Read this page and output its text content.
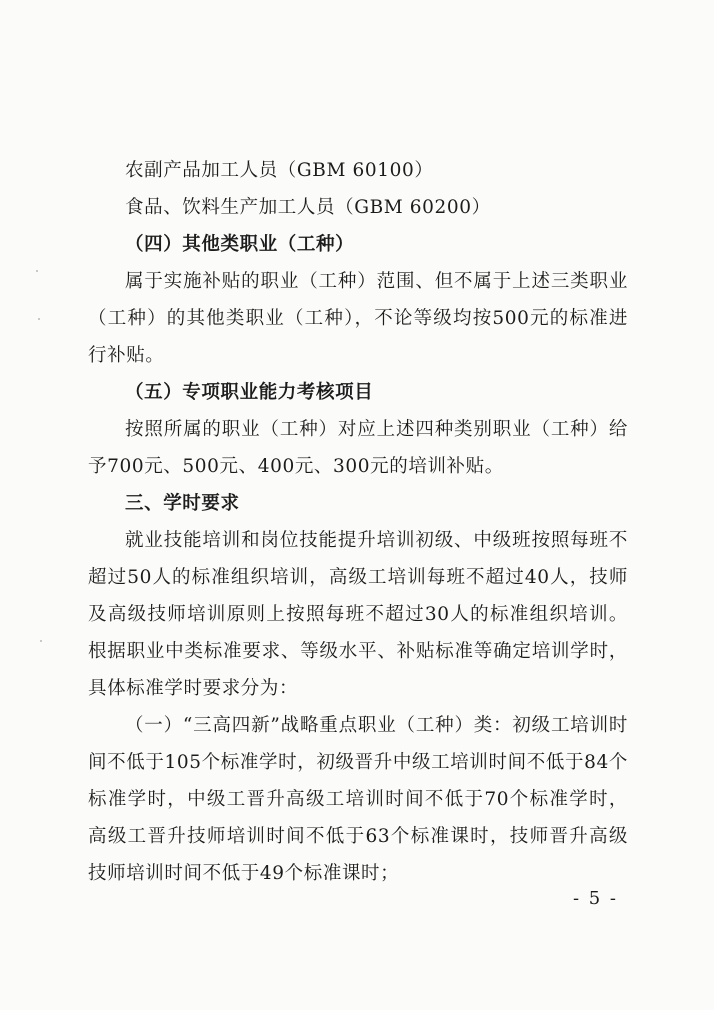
农副产品加工人员（GBM 60100）

食品、饮料生产加工人员（GBM 60200）

（四）其他类职业（工种）

属于实施补贴的职业（工种）范围、但不属于上述三类职业（工种）的其他类职业（工种），不论等级均按500元的标准进行补贴。

（五）专项职业能力考核项目

按照所属的职业（工种）对应上述四种类别职业（工种）给予700元、500元、400元、300元的培训补贴。

三、学时要求

就业技能培训和岗位技能提升培训初级、中级班按照每班不超过50人的标准组织培训，高级工培训每班不超过40人，技师及高级技师培训原则上按照每班不超过30人的标准组织培训。根据职业中类标准要求、等级水平、补贴标准等确定培训学时，具体标准学时要求分为：

（一）“三高四新”战略重点职业（工种）类：初级工培训时间不低于105个标准学时，初级晋升中级工培训时间不低于84个标准学时，中级工晋升高级工培训时间不低于70个标准学时，高级工晋升技师培训时间不低于63个标准课时，技师晋升高级技师培训时间不低于49个标准课时；

- 5 -
